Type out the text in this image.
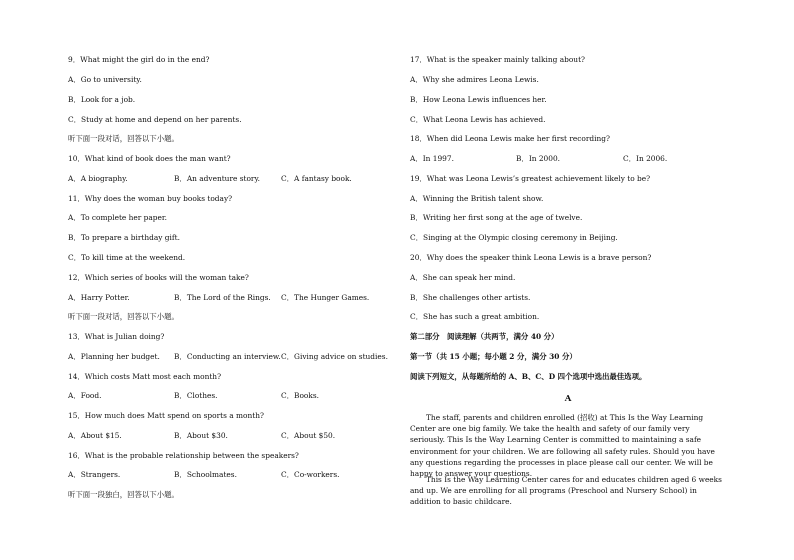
9．What might the girl do in the end?
A．Go to university.
B．Look for a job.
C．Study at home and depend on her parents.
听下面一段对话，回答以下小题。
10．What kind of book does the man want?
A．A biography.	B．An adventure story.	C．A fantasy book.
11．Why does the woman buy books today?
A．To complete her paper.
B．To prepare a birthday gift.
C．To kill time at the weekend.
12．Which series of books will the woman take?
A．Harry Potter.	B．The Lord of the Rings. C．The Hunger Games.
听下面一段对话，回答以下小题。
13．What is Julian doing?
A．Planning her budget. B．Conducting an interview. C．Giving advice on studies.
14．Which costs Matt most each month?
A．Food.	B．Clothes.	C．Books.
15．How much does Matt spend on sports a month?
A．About $15.	B．About $30.	C．About $50.
16．What is the probable relationship between the speakers?
A．Strangers.	B．Schoolmates.	C．Co-workers.
听下面一段独白，回答以下小题。
17．What is the speaker mainly talking about?
A．Why she admires Leona Lewis.
B．How Leona Lewis influences her.
C．What Leona Lewis has achieved.
18．When did Leona Lewis make her first recording?
A．In 1997.	B．In 2000.	C．In 2006.
19．What was Leona Lewis’s greatest achievement likely to be?
A．Winning the British talent show.
B．Writing her first song at the age of twelve.
C．Singing at the Olympic closing ceremony in Beijing.
20．Why does the speaker think Leona Lewis is a brave person?
A．She can speak her mind.
B．She challenges other artists.
C．She has such a great ambition.
第二部分　阅读理解（共两节，满分 40 分）
第一节（共 15 小题；每小题 2 分，满分 30 分）
阅读下列短文，从每题所给的 A、B、C、D 四个选项中选出最佳选项。
A
The staff, parents and children enrolled (招收) at This Is the Way Learning Center are one big family. We take the health and safety of our family very seriously. This Is the Way Learning Center is committed to maintaining a safe environment for your children. We are following all safety rules. Should you have any questions regarding the processes in place please call our center. We will be happy to answer your questions.
This Is the Way Learning Center cares for and educates children aged 6 weeks and up. We are enrolling for all programs (Preschool and Nursery School) in addition to basic childcare.
